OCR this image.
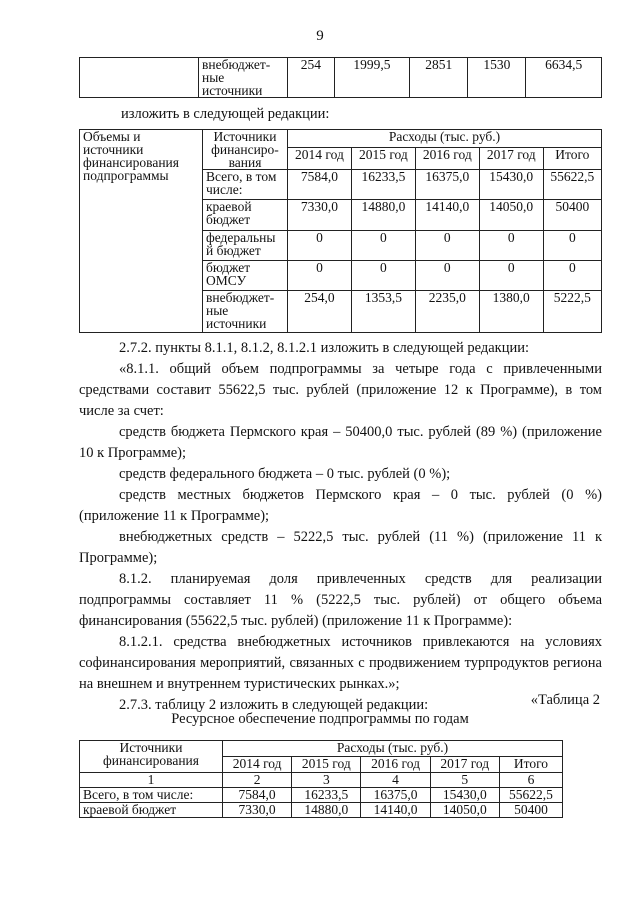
9
	внебюджет-ные источники	254	1999,5	2851	1530	6634,5
изложить в следующей редакции:
Объемы и источники финансирования подпрограммы	Источники финансиро-вания	Расходы (тыс. руб.)				
		2014 год	2015 год	2016 год	2017 год	Итого
	Всего, в том числе:	7584,0	16233,5	16375,0	15430,0	55622,5
	краевой бюджет	7330,0	14880,0	14140,0	14050,0	50400
	федеральны й бюджет	0	0	0	0	0
	бюджет ОМСУ	0	0	0	0	0
	внебюджет-ные источники	254,0	1353,5	2235,0	1380,0	5222,5
2.7.2. пункты 8.1.1, 8.1.2, 8.1.2.1 изложить в следующей редакции:
«8.1.1. общий объем подпрограммы за четыре года с привлеченными средствами составит 55622,5 тыс. рублей (приложение 12 к Программе), в том числе за счет:
средств бюджета Пермского края – 50400,0 тыс. рублей (89 %) (приложение 10 к Программе);
средств федерального бюджета – 0 тыс. рублей (0 %);
средств местных бюджетов Пермского края – 0 тыс. рублей (0 %) (приложение 11 к Программе);
внебюджетных средств – 5222,5 тыс. рублей (11 %) (приложение 11 к Программе);
8.1.2. планируемая доля привлеченных средств для реализации подпрограммы составляет 11 % (5222,5 тыс. рублей) от общего объема финансирования (55622,5 тыс. рублей) (приложение 11 к Программе):
8.1.2.1. средства внебюджетных источников привлекаются на условиях софинансирования мероприятий, связанных с продвижением турпродуктов региона на внешнем и внутреннем туристических рынках.»;
2.7.3. таблицу 2 изложить в следующей редакции:	«Таблица 2
Ресурсное обеспечение подпрограммы по годам
Источники финансирования	Расходы (тыс. руб.)				
	2014 год	2015 год	2016 год	2017 год	Итого
1	2	3	4	5	6
Всего, в том числе:	7584,0	16233,5	16375,0	15430,0	55622,5
краевой бюджет	7330,0	14880,0	14140,0	14050,0	50400
